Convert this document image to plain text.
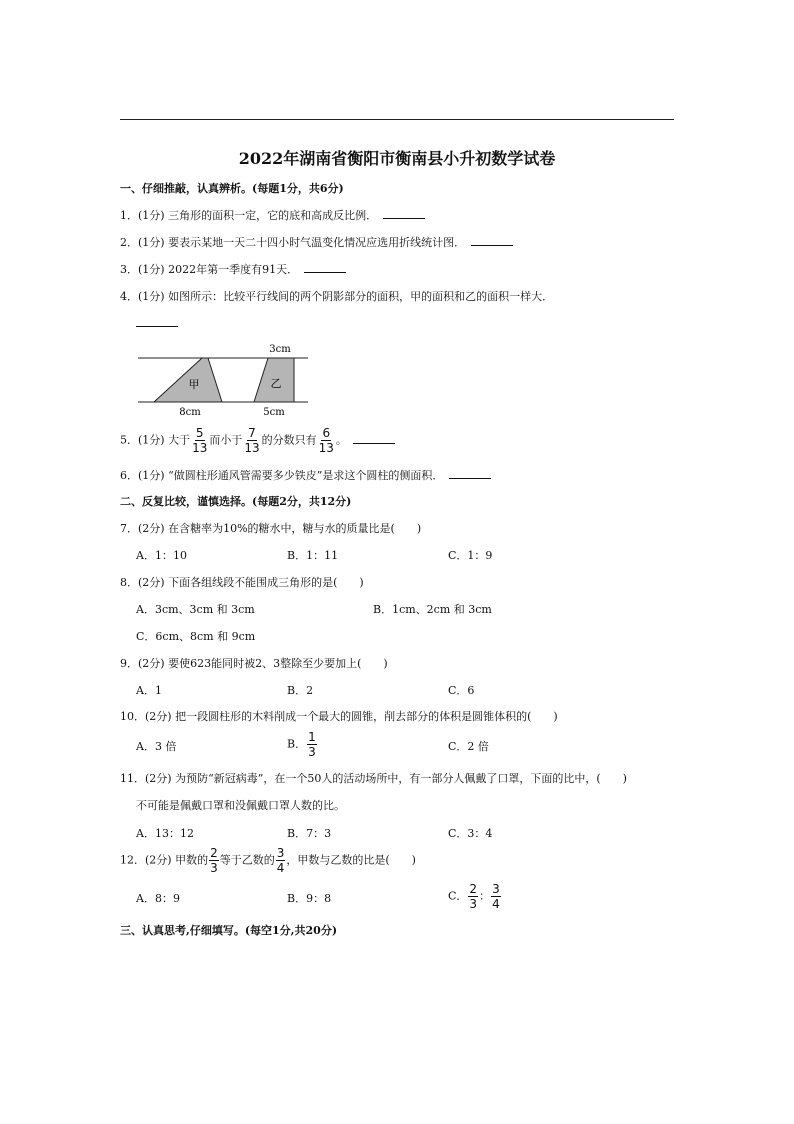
2022年湖南省衡阳市衡南县小升初数学试卷
一、仔细推敲，认真辨析。(每题1分，共6分)
1．(1分) 三角形的面积一定，它的底和高成反比例．
2．(1分) 要表示某地一天二十四小时气温变化情况应选用折线统计图．
3．(1分) 2022年第一季度有91天．
4．(1分) 如图所示：比较平行线间的两个阴影部分的面积，甲的面积和乙的面积一样大．
3cm
甲	乙
8cm	5cm
5．(1分) 大于 $\frac{5}{13}$ 而小于 $\frac{7}{13}$ 的分数只有 $\frac{6}{13}$ 。
6．(1分) “做圆柱形通风管需要多少铁皮”是求这个圆柱的侧面积．
二、反复比较，谨慎选择。(每题2分，共12分)
7．(2分) 在含糖率为10%的糖水中，糖与水的质量比是(　　)
A．1：10	B．1：11	C．1：9
8．(2分) 下面各组线段不能围成三角形的是(　　)
A．3cm、3cm 和 3cm	B．1cm、2cm 和 3cm
C．6cm、8cm 和 9cm
9．(2分) 要使623能同时被2、3整除至少要加上(　　)
A．1	B．2	C．6
10．(2分) 把一段圆柱形的木料削成一个最大的圆锥，削去部分的体积是圆锥体积的(　　)
A．3 倍	B． $\frac{1}{3}$	C．2 倍
11．(2分) 为预防“新冠病毒”，在一个50人的活动场所中，有一部分人佩戴了口罩，下面的比中，(　　)
不可能是佩戴口罩和没佩戴口罩人数的比。
A．13：12	B．7：3	C．3：4
12．(2分) 甲数的 $\frac{2}{3}$ 等于乙数的 $\frac{3}{4}$ ，甲数与乙数的比是(　　)
A．8：9	B．9：8	C． $\frac{2}{3}$ ： $\frac{3}{4}$
三、认真思考,仔细填写。(每空1分,共20分)
